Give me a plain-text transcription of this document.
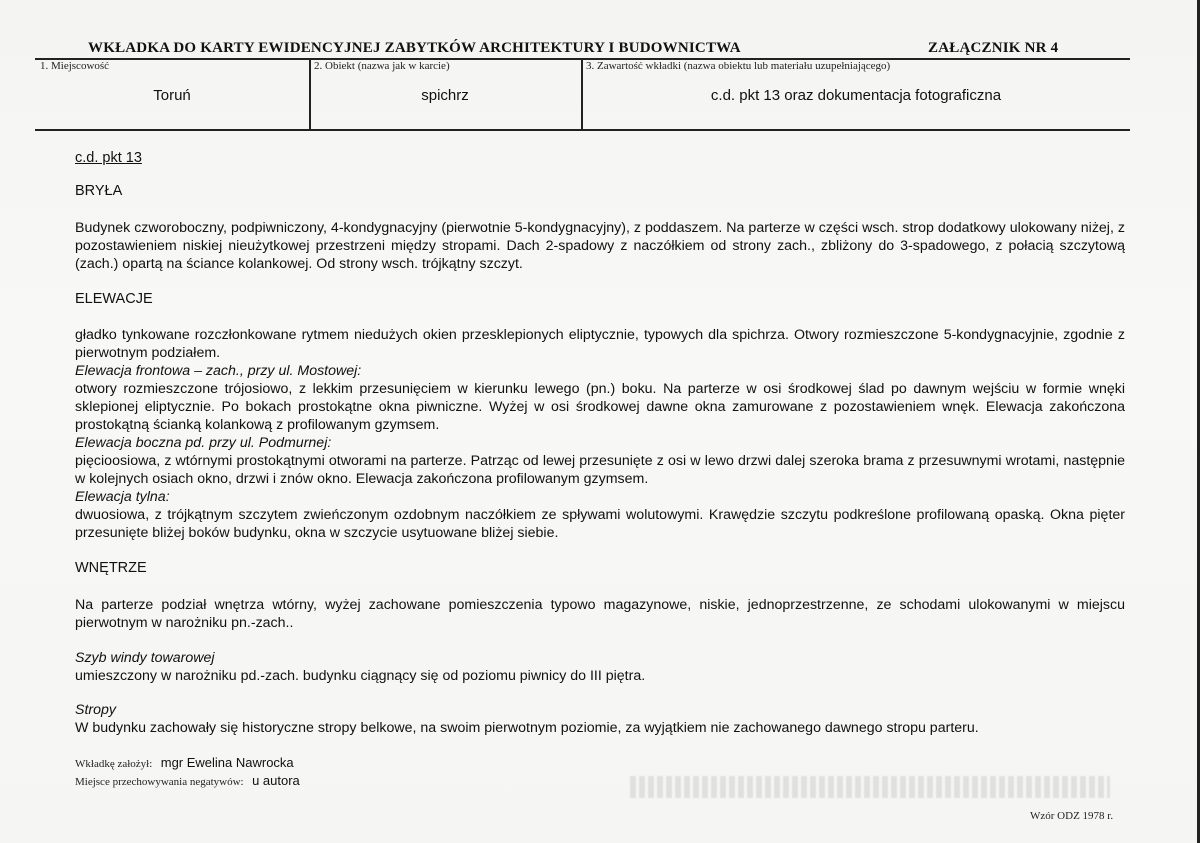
WKŁADKA DO KARTY EWIDENCYJNEJ ZABYTKÓW ARCHITEKTURY I BUDOWNICTWA	ZAŁĄCZNIK NR 4
1. Miejscowość
Toruń
2. Obiekt (nazwa jak w karcie)
spichrz
3. Zawartość wkładki (nazwa obiektu lub materiału uzupełniającego)
c.d. pkt 13 oraz dokumentacja fotograficzna
c.d. pkt 13
BRYŁA
Budynek czworoboczny, podpiwniczony, 4-kondygnacyjny (pierwotnie 5-kondygnacyjny), z poddaszem. Na parterze w części wsch. strop dodatkowy ulokowany niżej, z pozostawieniem niskiej nieużytkowej przestrzeni między stropami. Dach 2-spadowy z naczółkiem od strony zach., zbliżony do 3-spadowego, z połacią szczytową (zach.) opartą na ściance kolankowej. Od strony wsch. trójkątny szczyt.
ELEWACJE
gładko tynkowane rozczłonkowane rytmem niedużych okien przesklepionych eliptycznie, typowych dla spichrza. Otwory rozmieszczone 5-kondygnacyjnie, zgodnie z pierwotnym podziałem.
Elewacja frontowa – zach., przy ul. Mostowej:
otwory rozmieszczone trójosiowo, z lekkim przesunięciem w kierunku lewego (pn.) boku. Na parterze w osi środkowej ślad po dawnym wejściu w formie wnęki sklepionej eliptycznie. Po bokach prostokątne okna piwniczne. Wyżej w osi środkowej dawne okna zamurowane z pozostawieniem wnęk. Elewacja zakończona prostokątną ścianką kolankową z profilowanym gzymsem.
Elewacja boczna pd. przy ul. Podmurnej:
pięcioosiowa, z wtórnymi prostokątnymi otworami na parterze. Patrząc od lewej przesunięte z osi w lewo drzwi dalej szeroka brama z przesuwnymi wrotami, następnie w kolejnych osiach okno, drzwi i znów okno. Elewacja zakończona profilowanym gzymsem.
Elewacja tylna:
dwuosiowa, z trójkątnym szczytem zwieńczonym ozdobnym naczółkiem ze spływami wolutowymi. Krawędzie szczytu podkreślone profilowaną opaską. Okna pięter przesunięte bliżej boków budynku, okna w szczycie usytuowane bliżej siebie.
WNĘTRZE
Na parterze podział wnętrza wtórny, wyżej zachowane pomieszczenia typowo magazynowe, niskie, jednoprzestrzenne, ze schodami ulokowanymi w miejscu pierwotnym w narożniku pn.-zach..
Szyb windy towarowej
umieszczony w narożniku pd.-zach. budynku ciągnący się od poziomu piwnicy do III piętra.
Stropy
W budynku zachowały się historyczne stropy belkowe, na swoim pierwotnym poziomie, za wyjątkiem nie zachowanego dawnego stropu parteru.
Wkładkę założył: mgr Ewelina Nawrocka
Miejsce przechowywania negatywów: u autora
Wzór ODZ 1978 r.
